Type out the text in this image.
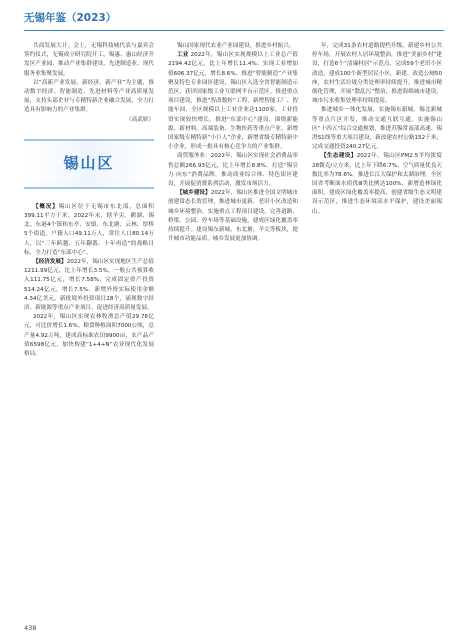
无锡年鉴（2023）

共商发展大计。会上，无锡科技城代表与嘉宾会签约仪式，无锡成立研究院开工，锡惠、惠山经济开发区产业园，推动产业集群建设、先进制造业、现代服务业集聚发展。

以“高新产业发展、新经济、新产业”为主题，推动数字经济、智能制造、先进材料等产业高质量发展，支持头部企业与专精特新企业融合发展，全力打造具有影响力的产业集群。

（高武娇）
锡山区

【概况】锡山区位于无锡市东北部，总面积399.11平方千米。2022年末，辖羊尖、鹅湖、锡北、东港4个镇和东亭、安镇、东北塘、云林、厚桥5个街道，户籍人口49.11万人，常住人口80.14万人，以“三年跨越、五年翻番、十年再造”的战略目标，全力打造“东部中心”。

【经济发展】2022年，锡山区实现地区生产总值1211.99亿元，比上年增长3.5%。一般公共预算收入111.75亿元，增长7.58%；完成固定资产投资514.24亿元，增长7.5%。新增外资实际使用金额4.34亿美元。新批境外投资项目28个，涌现数字经济、新能源等重点产业项目，促进经济高质量发展。

2022年，锡山区实现农林牧渔总产值29.78亿元，可比价增长1.6%。粮食种植面积7000公顷，总产量4.92万吨，建成高标准农田9900亩，农产品产值6598亿元，加快构建“1+4+N”农业现代化发展格局。

锡山国家现代农业产业园建设，推进乡村振兴。

工业 2022年，锡山区实现规模以上工业总产值2194.42亿元，比上年增长11.4%；实现工业增加值606.37亿元，增长8.6%。推进“智能制造”产业集聚及特色专业园区建设，锡山区入选全省智能制造示范区，获评国家级工业互联网平台示范区。推进重点项目建设，推进“智改数转”工程，新增智能工厂、智能车间，全区规模以上工业企业达1100家，工业投资实现较快增长。推进“东部中心”建设，围绕新能源、新材料、高端装备、生物医药等重点产业，新增国家级专精特新“小巨人”企业，新增省级专精特新中小企业，形成一批具有核心竞争力的产业集群。

商贸服务业：2022年，锡山区实现社会消费品零售总额266.93亿元，比上年增长8.8%。打造“锡引力·向东”消费品牌，推动商业综合体、特色街区建设，开展促消费系列活动，激发市场活力。

【城乡建设】2022年，锡山区推进全国文明城市创建常态长效管理，推进城市更新、老旧小区改造和城乡环境整治。实施重点工程项目建设，完善道路、桥梁、公园、停车场等基础设施，建成区绿化覆盖率持续提升。建设锡东新城、东北塘、羊尖等板块，提升城市功能品质，城乡发展更加协调。

年，完成31条农村道路提档升级，新建乡村公共停车场，开展农村人居环境整治，推进“美丽乡村”建设，打造6个“清廉村居”示范点，完成59个老旧小区改造，建成100个新型居民小区，新建、改造公厕50座，农村生活垃圾分类处理率持续提升。推进城市精细化管理，开展“散乱污”整治，推进海绵城市建设，城市污水收集处理率持续提高。

推进城乡一体化发展，实施锡东新城、锡北新城等重点片区开发，推动交通互联互通。实施锡山区“十四五”综合交通规划，推进苏锡常南部高速、锡澄S1线等重大项目建设，新改建农村公路152千米，完成交通投资240.27亿元。

【生态建设】2022年，锡山区PM2.5平均浓度28微克/立方米，比上年下降6.7%，空气质量优良天数比率为78.6%。推进长江大保护和太湖治理，全区国省考断面水质优Ⅲ类比例达100%，新增造林绿化面积，建成区绿化覆盖率提高，创建省级生态文明建设示范区，推进生态环境高水平保护，建设美丽锡山。

438
